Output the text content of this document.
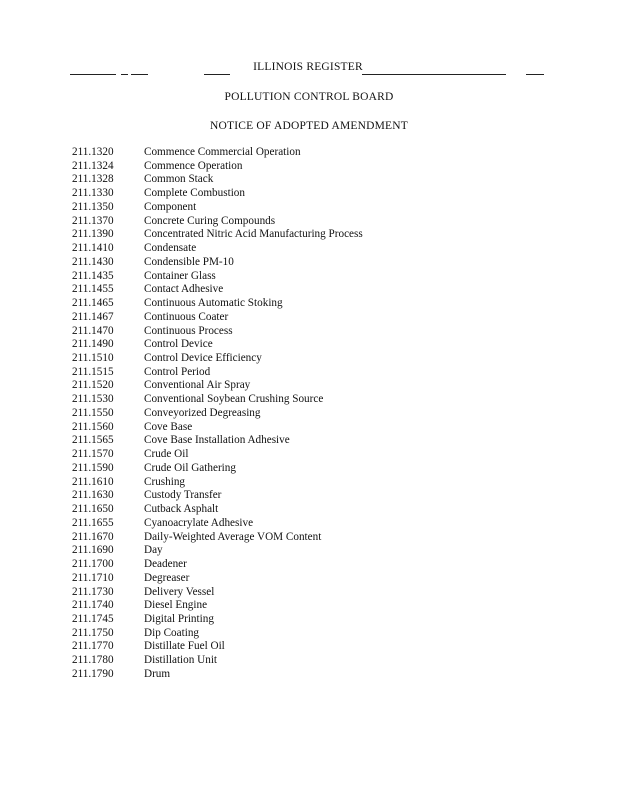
ILLINOIS REGISTER
POLLUTION CONTROL BOARD
NOTICE OF ADOPTED AMENDMENT
211.1320	Commence Commercial Operation
211.1324	Commence Operation
211.1328	Common Stack
211.1330	Complete Combustion
211.1350	Component
211.1370	Concrete Curing Compounds
211.1390	Concentrated Nitric Acid Manufacturing Process
211.1410	Condensate
211.1430	Condensible PM-10
211.1435	Container Glass
211.1455	Contact Adhesive
211.1465	Continuous Automatic Stoking
211.1467	Continuous Coater
211.1470	Continuous Process
211.1490	Control Device
211.1510	Control Device Efficiency
211.1515	Control Period
211.1520	Conventional Air Spray
211.1530	Conventional Soybean Crushing Source
211.1550	Conveyorized Degreasing
211.1560	Cove Base
211.1565	Cove Base Installation Adhesive
211.1570	Crude Oil
211.1590	Crude Oil Gathering
211.1610	Crushing
211.1630	Custody Transfer
211.1650	Cutback Asphalt
211.1655	Cyanoacrylate Adhesive
211.1670	Daily-Weighted Average VOM Content
211.1690	Day
211.1700	Deadener
211.1710	Degreaser
211.1730	Delivery Vessel
211.1740	Diesel Engine
211.1745	Digital Printing
211.1750	Dip Coating
211.1770	Distillate Fuel Oil
211.1780	Distillation Unit
211.1790	Drum
